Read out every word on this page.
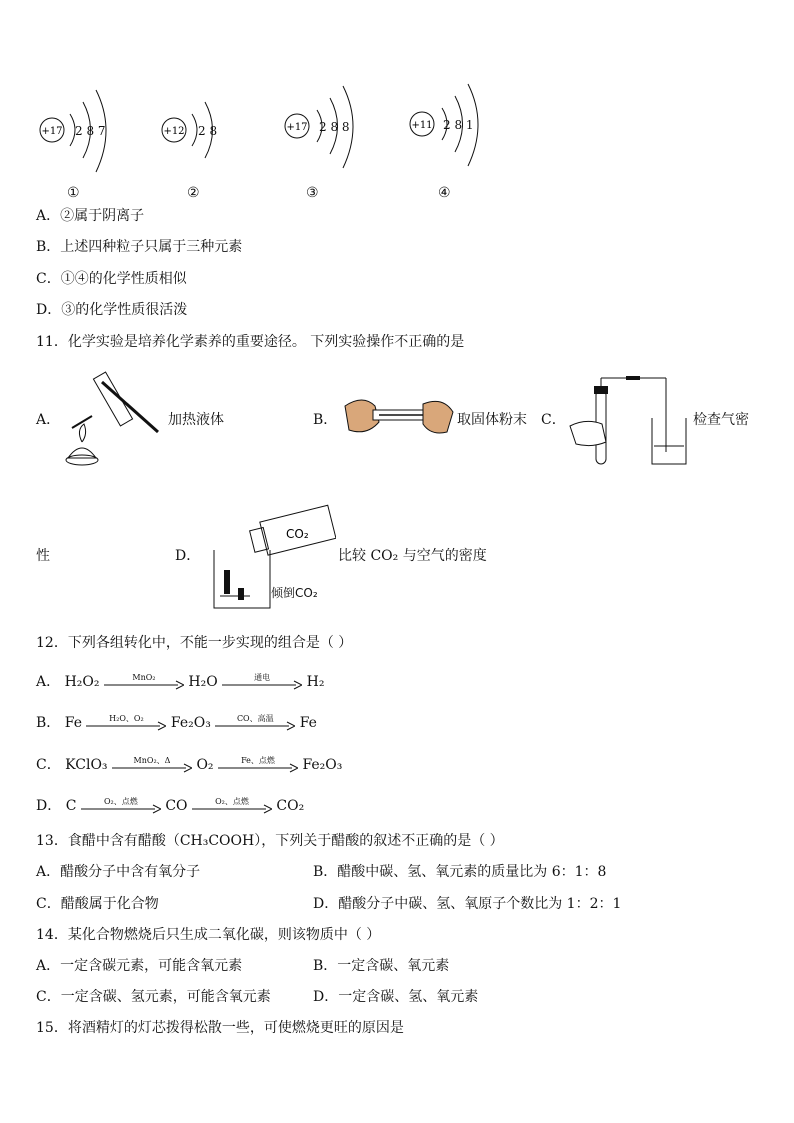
+17 2 8 7	+12 2 8	+17 2 8 8	+11 2 8 1
①	②	③	④
A．②属于阴离子
B．上述四种粒子只属于三种元素
C．①④的化学性质相似
D．③的化学性质很活泼
11．化学实验是培养化学素养的重要途径。 下列实验操作不正确的是
A．	加热液体	B．	取固体粉末 C．	检查气密
性	D．
CO₂
倾倒CO₂
比较 CO₂ 与空气的密度
12．下列各组转化中，不能一步实现的组合是（ ）
A． H₂O₂	MnO₂	H₂O	通电	H₂
B． Fe	H₂O、O₂	Fe₂O₃	CO、高温	Fe
C． KClO₃	MnO₂、Δ	O₂	Fe、点燃	Fe₂O₃
D． C	O₂、点燃	CO	O₂、点燃	CO₂
13．食醋中含有醋酸（CH₃COOH），下列关于醋酸的叙述不正确的是（ ）
A．醋酸分子中含有氧分子	B．醋酸中碳、氢、氧元素的质量比为 6：1：8
C．醋酸属于化合物	D．醋酸分子中碳、氢、氧原子个数比为 1：2：1
14．某化合物燃烧后只生成二氧化碳，则该物质中（ ）
A．一定含碳元素，可能含氧元素	B．一定含碳、氧元素
C．一定含碳、氢元素，可能含氧元素	D．一定含碳、氢、氧元素
15．将酒精灯的灯芯拨得松散一些，可使燃烧更旺的原因是
